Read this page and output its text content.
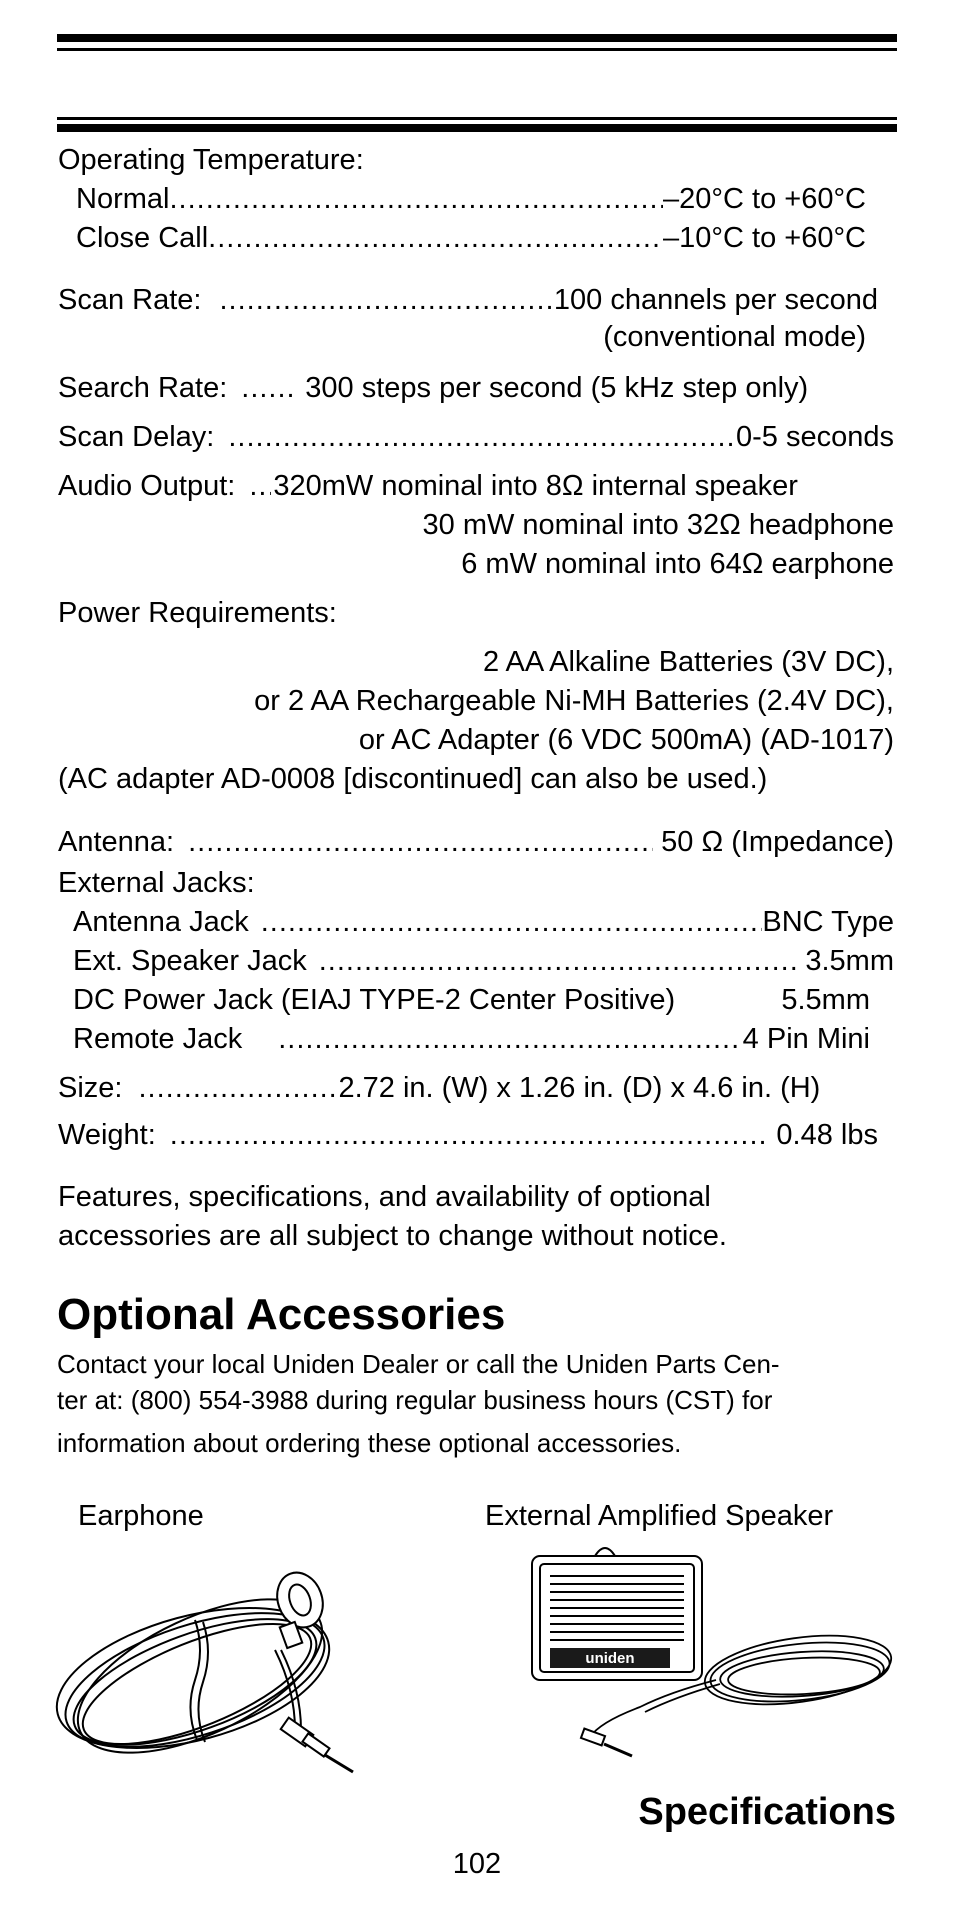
Operating Temperature:
Normal .....	–20°C to +60°C
Close Call .....	–10°C to +60°C
Scan Rate: .....	100 channels per second
(conventional mode)
Search Rate: .....	300 steps per second (5 kHz step only)
Scan Delay: .....	0-5 seconds
Audio Output: ..... 320mW nominal into 8Ω internal speaker
30 mW nominal into 32Ω headphone
6 mW nominal into 64Ω earphone
Power Requirements:
2 AA Alkaline Batteries (3V DC),
or 2 AA Rechargeable Ni-MH Batteries (2.4V DC),
or AC Adapter (6 VDC 500mA) (AD-1017)
(AC adapter AD-0008 [discontinued] can also be used.)
Antenna: .....	50 Ω (Impedance)
External Jacks:
Antenna Jack .....	BNC Type
Ext. Speaker Jack .....	3.5mm
DC Power Jack (EIAJ TYPE-2 Center Positive)	5.5mm
Remote Jack .....	4 Pin Mini
Size: .....	2.72 in. (W) x 1.26 in. (D) x 4.6 in. (H)
Weight: .....	0.48 lbs
Features, specifications, and availability of optional
accessories are all subject to change without notice.
Optional Accessories
Contact your local Uniden Dealer or call the Uniden Parts Cen-
ter at: (800) 554-3988 during regular business hours (CST) for
information about ordering these optional accessories.
Earphone	External Amplified Speaker
uniden
Specifications
102
